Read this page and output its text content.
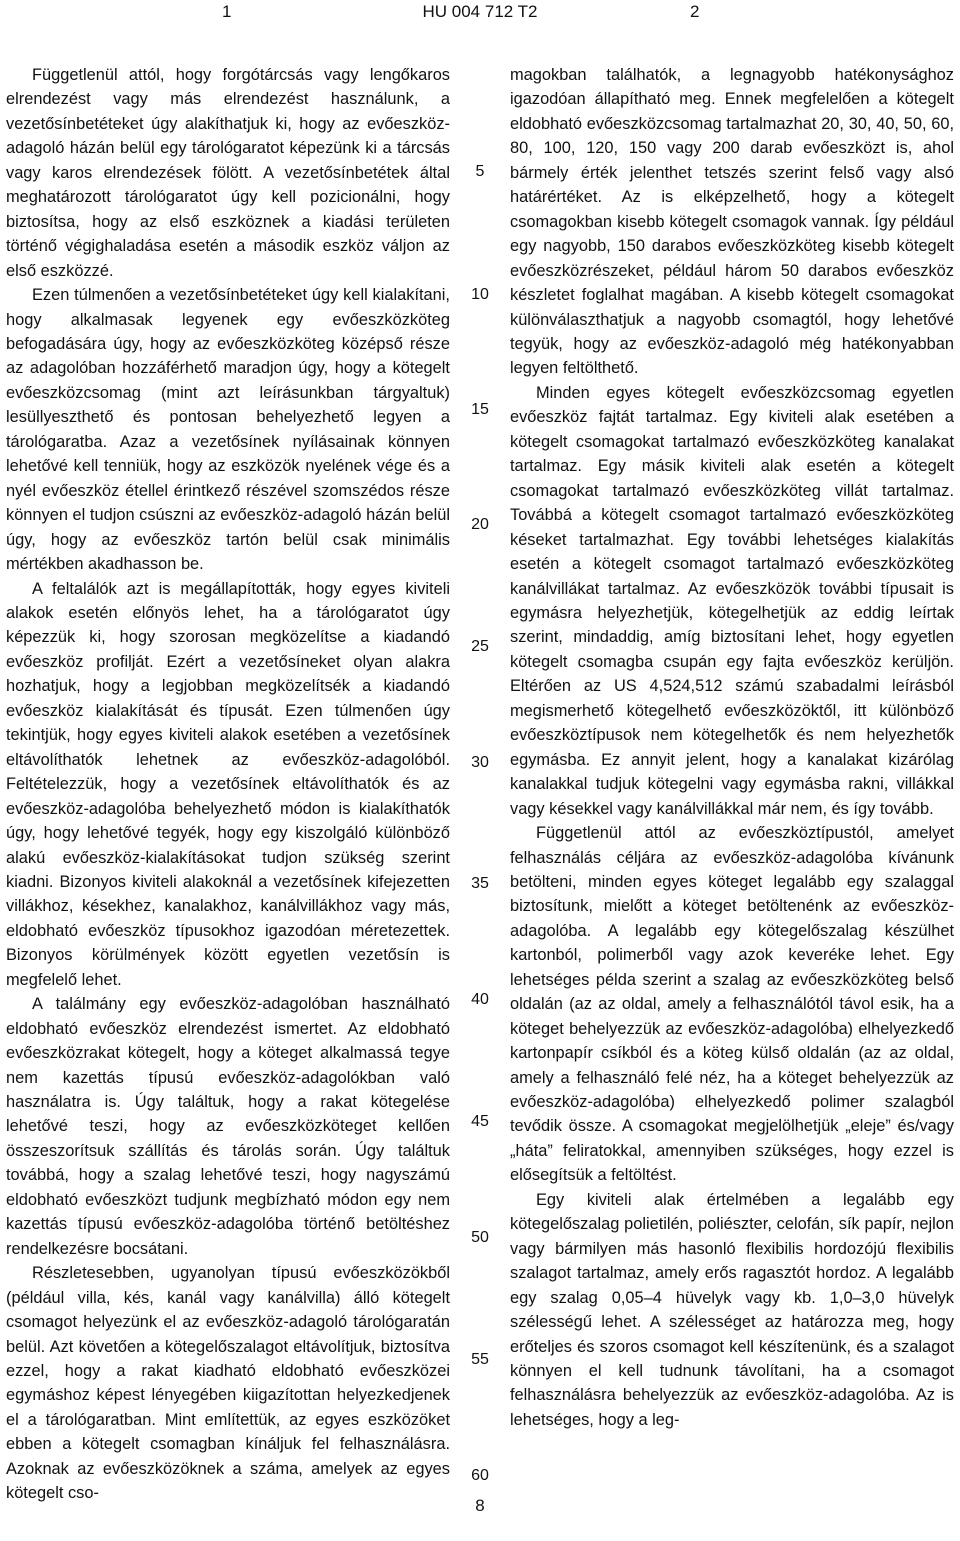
1	HU 004 712 T2	2

Függetlenül attól, hogy forgótárcsás vagy lengőkaros elrendezést vagy más elrendezést használunk, a vezetősínbetéteket úgy alakíthatjuk ki, hogy az evőeszköz-adagoló házán belül egy tárológaratot képezünk ki a tárcsás vagy karos elrendezések fölött. A vezetősínbetétek által meghatározott tárológaratot úgy kell pozicionálni, hogy biztosítsa, hogy az első eszköznek a kiadási területen történő végighaladása esetén a második eszköz váljon az első eszközzé.

Ezen túlmenően a vezetősínbetéteket úgy kell kialakítani, hogy alkalmasak legyenek egy evőeszközköteg befogadására úgy, hogy az evőeszközköteg középső része az adagolóban hozzáférhető maradjon úgy, hogy a kötegelt evőeszközcsomag (mint azt leírásunkban tárgyaltuk) lesüllyeszthető és pontosan behelyezhető legyen a tárológaratba. Azaz a vezetősínek nyílásainak könnyen lehetővé kell tenniük, hogy az eszközök nyelének vége és a nyél evőeszköz étellel érintkező részével szomszédos része könnyen el tudjon csúszni az evőeszköz-adagoló házán belül úgy, hogy az evőeszköz tartón belül csak minimális mértékben akadhasson be.

A feltalálók azt is megállapították, hogy egyes kiviteli alakok esetén előnyös lehet, ha a tárológaratot úgy képezzük ki, hogy szorosan megközelítse a kiadandó evőeszköz profilját. Ezért a vezetősíneket olyan alakra hozhatjuk, hogy a legjobban megközelítsék a kiadandó evőeszköz kialakítását és típusát. Ezen túlmenően úgy tekintjük, hogy egyes kiviteli alakok esetében a vezetősínek eltávolíthatók lehetnek az evőeszköz-adagolóból. Feltételezzük, hogy a vezetősínek eltávolíthatók és az evőeszköz-adagolóba behelyezhető módon is kialakíthatók úgy, hogy lehetővé tegyék, hogy egy kiszolgáló különböző alakú evőeszköz-kialakításokat tudjon szükség szerint kiadni. Bizonyos kiviteli alakoknál a vezetősínek kifejezetten villákhoz, késekhez, kanalakhoz, kanálvillákhoz vagy más, eldobható evőeszköz típusokhoz igazodóan méretezettek. Bizonyos körülmények között egyetlen vezetősín is megfelelő lehet.

A találmány egy evőeszköz-adagolóban használható eldobható evőeszköz elrendezést ismertet. Az eldobható evőeszközrakat kötegelt, hogy a köteget alkalmassá tegye nem kazettás típusú evőeszköz-adagolókban való használatra is. Úgy találtuk, hogy a rakat kötegelése lehetővé teszi, hogy az evőeszközköteget kellően összeszorítsuk szállítás és tárolás során. Úgy találtuk továbbá, hogy a szalag lehetővé teszi, hogy nagyszámú eldobható evőeszközt tudjunk megbízható módon egy nem kazettás típusú evőeszköz-adagolóba történő betöltéshez rendelkezésre bocsátani.

Részletesebben, ugyanolyan típusú evőeszközökből (például villa, kés, kanál vagy kanálvilla) álló kötegelt csomagot helyezünk el az evőeszköz-adagoló tárológaratán belül. Azt követően a kötegelőszalagot eltávolítjuk, biztosítva ezzel, hogy a rakat kiadható eldobható evőeszközei egymáshoz képest lényegében kiigazítottan helyezkedjenek el a tárológaratban. Mint említettük, az egyes eszközöket ebben a kötegelt csomagban kínáljuk fel felhasználásra. Azoknak az evőeszközöknek a száma, amelyek az egyes kötegelt cso-

magokban találhatók, a legnagyobb hatékonysághoz igazodóan állapítható meg. Ennek megfelelően a kötegelt eldobható evőeszközcsomag tartalmazhat 20, 30, 40, 50, 60, 80, 100, 120, 150 vagy 200 darab evőeszközt is, ahol bármely érték jelenthet tetszés szerint felső vagy alsó határértéket. Az is elképzelhető, hogy a kötegelt csomagokban kisebb kötegelt csomagok vannak. Így például egy nagyobb, 150 darabos evőeszközköteg kisebb kötegelt evőeszközrészeket, például három 50 darabos evőeszköz készletet foglalhat magában. A kisebb kötegelt csomagokat különválaszthatjuk a nagyobb csomagtól, hogy lehetővé tegyük, hogy az evőeszköz-adagoló még hatékonyabban legyen feltölthető.

Minden egyes kötegelt evőeszközcsomag egyetlen evőeszköz fajtát tartalmaz. Egy kiviteli alak esetében a kötegelt csomagokat tartalmazó evőeszközköteg kanalakat tartalmaz. Egy másik kiviteli alak esetén a kötegelt csomagokat tartalmazó evőeszközköteg villát tartalmaz. Továbbá a kötegelt csomagot tartalmazó evőeszközköteg késeket tartalmazhat. Egy további lehetséges kialakítás esetén a kötegelt csomagot tartalmazó evőeszközköteg kanálvillákat tartalmaz. Az evőeszközök további típusait is egymásra helyezhetjük, kötegelhetjük az eddig leírtak szerint, mindaddig, amíg biztosítani lehet, hogy egyetlen kötegelt csomagba csupán egy fajta evőeszköz kerüljön. Eltérően az US 4,524,512 számú szabadalmi leírásból megismerhető kötegelhető evőeszközöktől, itt különböző evőeszköztípusok nem kötegelhetők és nem helyezhetők egymásba. Ez annyit jelent, hogy a kanalakat kizárólag kanalakkal tudjuk kötegelni vagy egymásba rakni, villákkal vagy késekkel vagy kanálvillákkal már nem, és így tovább.

Függetlenül attól az evőeszköztípustól, amelyet felhasználás céljára az evőeszköz-adagolóba kívánunk betölteni, minden egyes köteget legalább egy szalaggal biztosítunk, mielőtt a köteget betöltenénk az evőeszköz-adagolóba. A legalább egy kötegelőszalag készülhet kartonból, polimerből vagy azok keveréke lehet. Egy lehetséges példa szerint a szalag az evőeszközköteg belső oldalán (az az oldal, amely a felhasználótól távol esik, ha a köteget behelyezzük az evőeszköz-adagolóba) elhelyezkedő kartonpapír csíkból és a köteg külső oldalán (az az oldal, amely a felhasználó felé néz, ha a köteget behelyezzük az evőeszköz-adagolóba) elhelyezkedő polimer szalagból tevődik össze. A csomagokat megjelölhetjük „eleje” és/vagy „háta” feliratokkal, amennyiben szükséges, hogy ezzel is elősegítsük a feltöltést.

Egy kiviteli alak értelmében a legalább egy kötegelőszalag polietilén, poliészter, celofán, sík papír, nejlon vagy bármilyen más hasonló flexibilis hordozójú flexibilis szalagot tartalmaz, amely erős ragasztót hordoz. A legalább egy szalag 0,05–4 hüvelyk vagy kb. 1,0–3,0 hüvelyk szélességű lehet. A szélességet az határozza meg, hogy erőteljes és szoros csomagot kell készítenünk, és a szalagot könnyen el kell tudnunk távolítani, ha a csomagot felhasználásra behelyezzük az evőeszköz-adagolóba. Az is lehetséges, hogy a leg-

5
10
15
20
25
30
35
40
45
50
55
60
8
